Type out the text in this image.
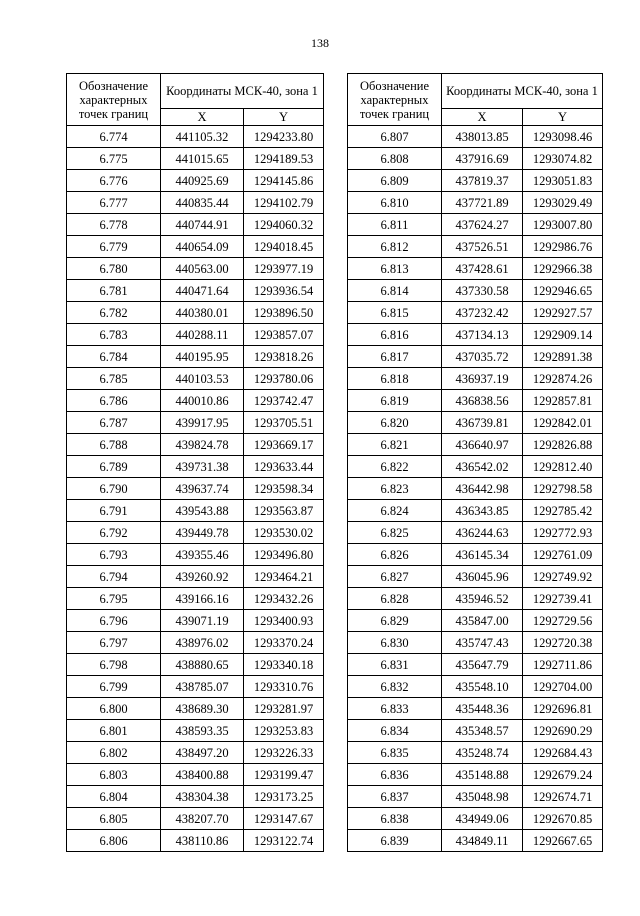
138
Обозначение характерных точек границ	Координаты МСК-40, зона 1	
	X	Y
6.774	441105.32	1294233.80
6.775	441015.65	1294189.53
6.776	440925.69	1294145.86
6.777	440835.44	1294102.79
6.778	440744.91	1294060.32
6.779	440654.09	1294018.45
6.780	440563.00	1293977.19
6.781	440471.64	1293936.54
6.782	440380.01	1293896.50
6.783	440288.11	1293857.07
6.784	440195.95	1293818.26
6.785	440103.53	1293780.06
6.786	440010.86	1293742.47
6.787	439917.95	1293705.51
6.788	439824.78	1293669.17
6.789	439731.38	1293633.44
6.790	439637.74	1293598.34
6.791	439543.88	1293563.87
6.792	439449.78	1293530.02
6.793	439355.46	1293496.80
6.794	439260.92	1293464.21
6.795	439166.16	1293432.26
6.796	439071.19	1293400.93
6.797	438976.02	1293370.24
6.798	438880.65	1293340.18
6.799	438785.07	1293310.76
6.800	438689.30	1293281.97
6.801	438593.35	1293253.83
6.802	438497.20	1293226.33
6.803	438400.88	1293199.47
6.804	438304.38	1293173.25
6.805	438207.70	1293147.67
6.806	438110.86	1293122.74
Обозначение характерных точек границ	Координаты МСК-40, зона 1	
	X	Y
6.807	438013.85	1293098.46
6.808	437916.69	1293074.82
6.809	437819.37	1293051.83
6.810	437721.89	1293029.49
6.811	437624.27	1293007.80
6.812	437526.51	1292986.76
6.813	437428.61	1292966.38
6.814	437330.58	1292946.65
6.815	437232.42	1292927.57
6.816	437134.13	1292909.14
6.817	437035.72	1292891.38
6.818	436937.19	1292874.26
6.819	436838.56	1292857.81
6.820	436739.81	1292842.01
6.821	436640.97	1292826.88
6.822	436542.02	1292812.40
6.823	436442.98	1292798.58
6.824	436343.85	1292785.42
6.825	436244.63	1292772.93
6.826	436145.34	1292761.09
6.827	436045.96	1292749.92
6.828	435946.52	1292739.41
6.829	435847.00	1292729.56
6.830	435747.43	1292720.38
6.831	435647.79	1292711.86
6.832	435548.10	1292704.00
6.833	435448.36	1292696.81
6.834	435348.57	1292690.29
6.835	435248.74	1292684.43
6.836	435148.88	1292679.24
6.837	435048.98	1292674.71
6.838	434949.06	1292670.85
6.839	434849.11	1292667.65
